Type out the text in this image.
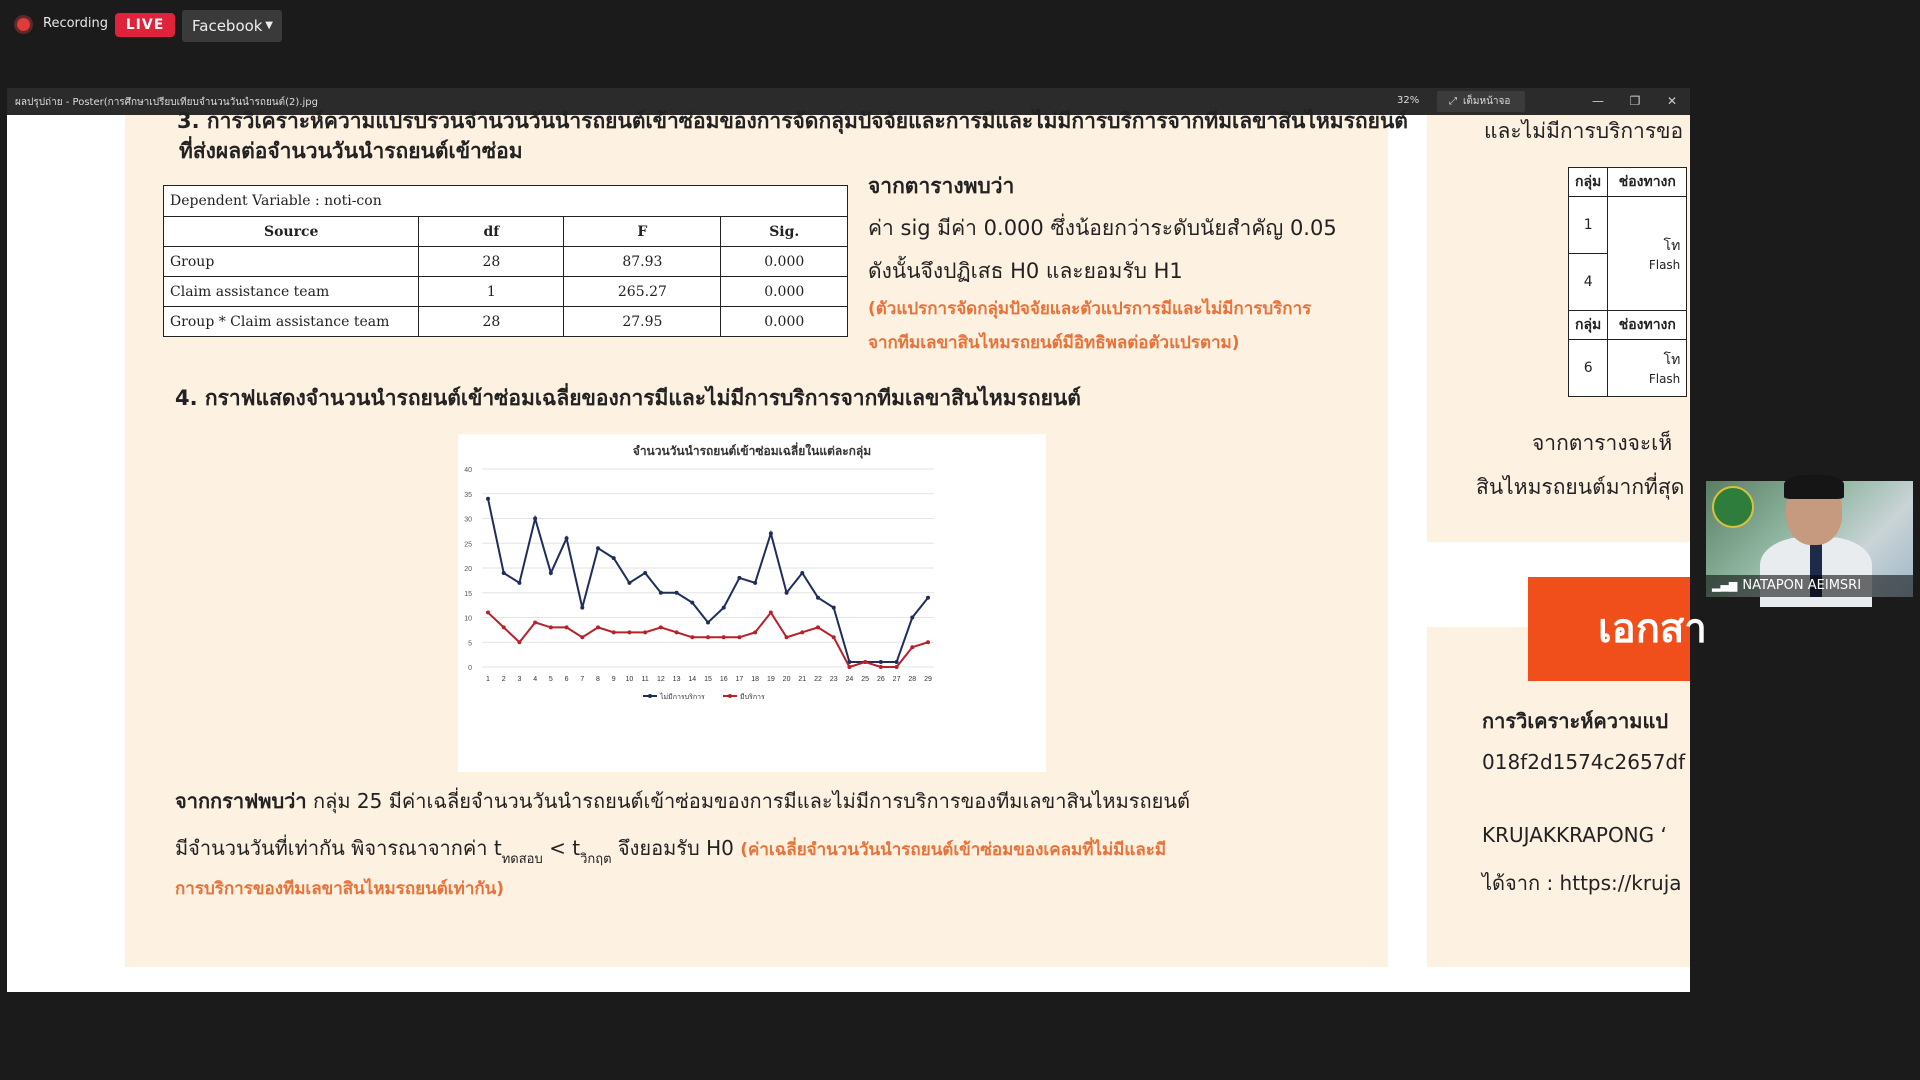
Recording	LIVE	Facebook ▼
ผลปรุปถ่าย - Poster(การศึกษาเปรียบเทียบจำนวนวันนำรถยนต์(2).jpg	32%	⤢ เต็มหน้าจอ	—	❐	✕
3. การวิเคราะห์ความแปรปรวนจำนวนวันนำรถยนต์เข้าซ่อมของการจัดกลุ่มปัจจัยและการมีและไม่มีการบริการจากทีมเลขาสินไหมรถยนต์
ที่ส่งผลต่อจำนวนวันนำรถยนต์เข้าซ่อม
Dependent Variable : noti-con			
Source	df	F	Sig.
Group	28	87.93	0.000
Claim assistance team	1	265.27	0.000
Group * Claim assistance team	28	27.95	0.000
จากตารางพบว่า
ค่า sig มีค่า 0.000 ซึ่งน้อยกว่าระดับนัยสำคัญ 0.05
ดังนั้นจึงปฏิเสธ H0 และยอมรับ H1
(ตัวแปรการจัดกลุ่มปัจจัยและตัวแปรการมีและไม่มีการบริการ
จากทีมเลขาสินไหมรถยนต์มีอิทธิพลต่อตัวแปรตาม)
4. กราฟแสดงจำนวนนำรถยนต์เข้าซ่อมเฉลี่ยของการมีและไม่มีการบริการจากทีมเลขาสินไหมรถยนต์
0
5
10
15
20
25
30
35
40
1 2 3 4 5 6 7 8 9 10 11 12 13 14 15 16 17 18 19 20 21 22 23 24 25 26 27 28 29
ไม่มีการบริการ	มีบริการ
จำนวนวันนำรถยนต์เข้าซ่อมเฉลี่ยในแต่ละกลุ่ม
จากกราฟพบว่า กลุ่ม 25 มีค่าเฉลี่ยจำนวนวันนำรถยนต์เข้าซ่อมของการมีและไม่มีการบริการของทีมเลขาสินไหมรถยนต์
มีจำนวนวันที่เท่ากัน พิจารณาจากค่า $t_{ทดสอบ} < t_{วิกฤต}$ จึงยอมรับ H0 (ค่าเฉลี่ยจำนวนวันนำรถยนต์เข้าซ่อมของเคลมที่ไม่มีและมี
การบริการของทีมเลขาสินไหมรถยนต์เท่ากัน)
และไม่มีการบริการขอ
กลุ่ม	ช่องทางก
1	โท
Flash
4	
กลุ่ม	ช่องทางก
6	โท
Flash
จากตารางจะเห็
สินไหมรถยนต์มากที่สุด
เอกสา
การวิเคราะห์ความแป
018f2d1574c2657df
KRUJAKKRAPONG ‘
ได้จาก : https://kruja
▂▄▆ NATAPON AEIMSRI
